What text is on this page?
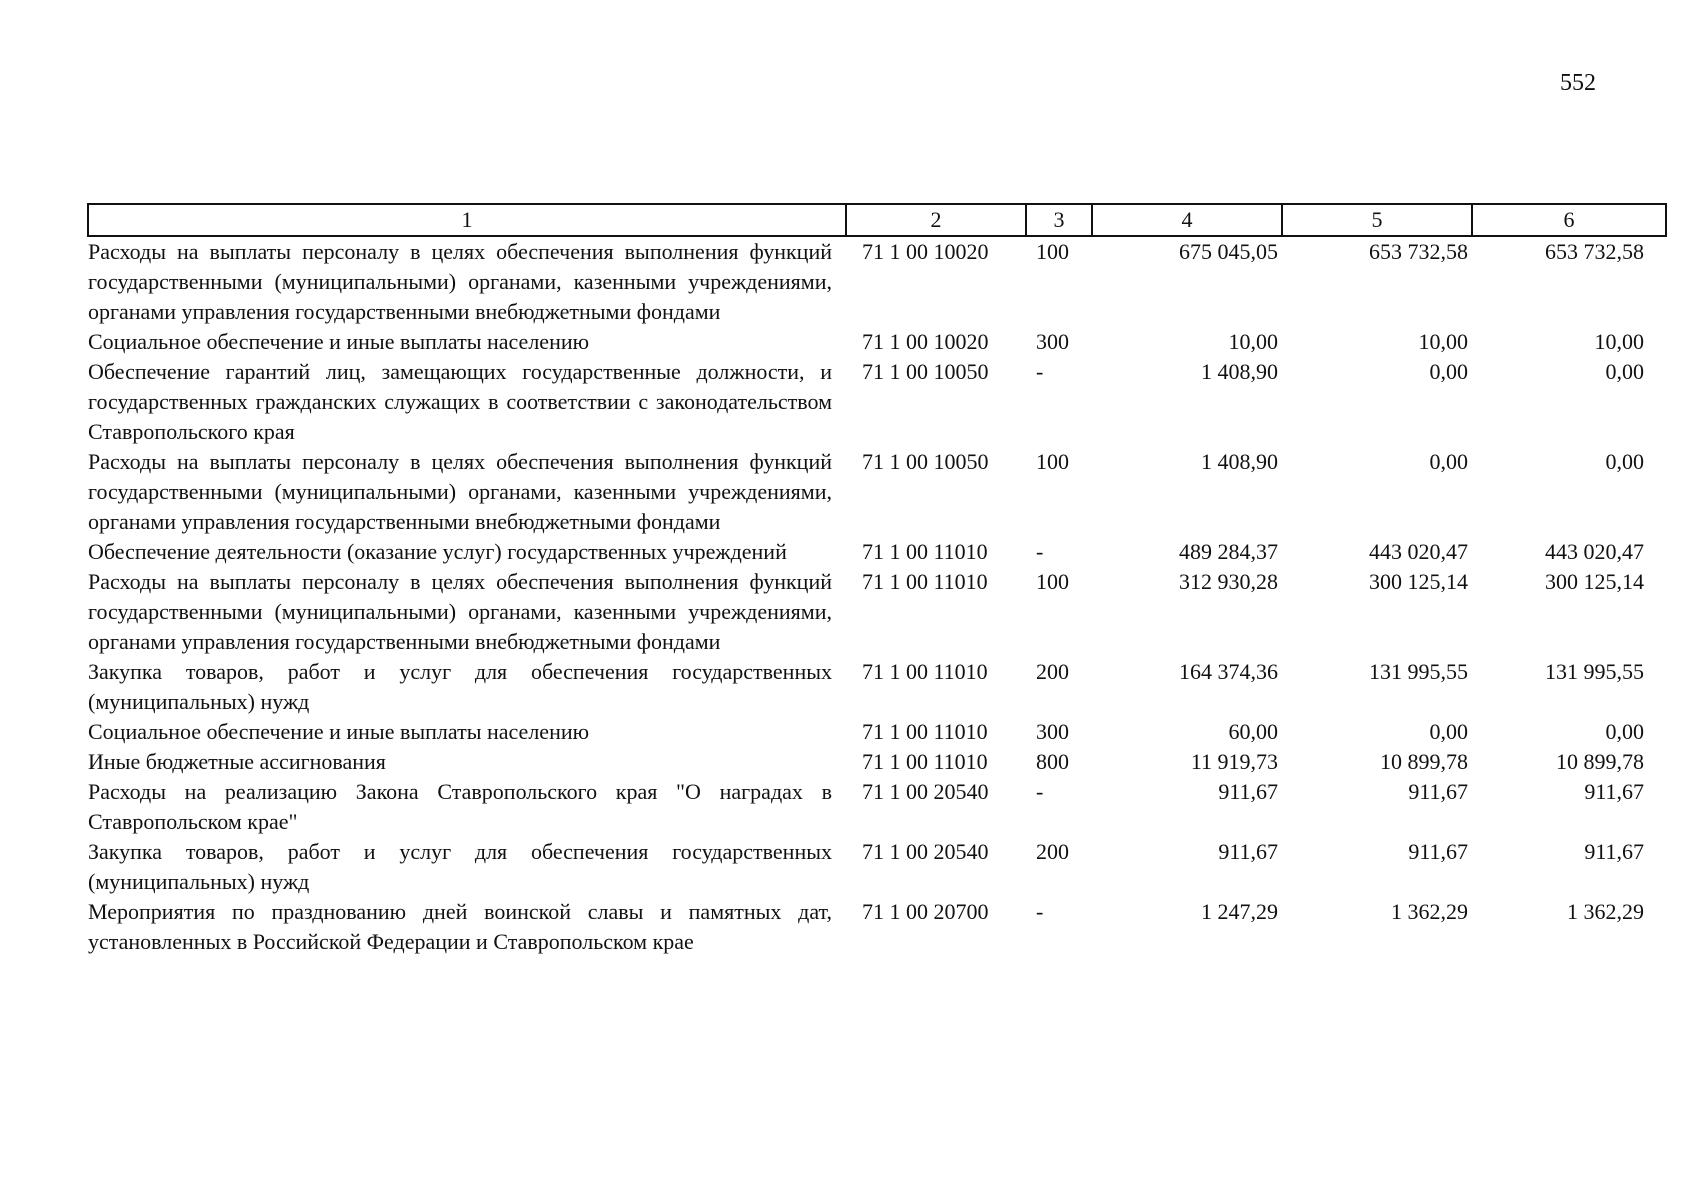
552
1	2	3	4	5	6
Расходы на выплаты персоналу в целях обеспечения выполнения функций государственными (муниципальными) органами, казенными учреждениями, органами управления государственными внебюджетными фондами	71 1 00 10020	100	675 045,05	653 732,58	653 732,58
Социальное обеспечение и иные выплаты населению	71 1 00 10020	300	10,00	10,00	10,00
Обеспечение гарантий лиц, замещающих государственные должности, и государственных гражданских служащих в соответствии с законодательством Ставропольского края	71 1 00 10050	-	1 408,90	0,00	0,00
Расходы на выплаты персоналу в целях обеспечения выполнения функций государственными (муниципальными) органами, казенными учреждениями, органами управления государственными внебюджетными фондами	71 1 00 10050	100	1 408,90	0,00	0,00
Обеспечение деятельности (оказание услуг) государственных учреждений	71 1 00 11010	-	489 284,37	443 020,47	443 020,47
Расходы на выплаты персоналу в целях обеспечения выполнения функций государственными (муниципальными) органами, казенными учреждениями, органами управления государственными внебюджетными фондами	71 1 00 11010	100	312 930,28	300 125,14	300 125,14
Закупка товаров, работ и услуг для обеспечения государственных (муниципальных) нужд	71 1 00 11010	200	164 374,36	131 995,55	131 995,55
Социальное обеспечение и иные выплаты населению	71 1 00 11010	300	60,00	0,00	0,00
Иные бюджетные ассигнования	71 1 00 11010	800	11 919,73	10 899,78	10 899,78
Расходы на реализацию Закона Ставропольского края "О наградах в Ставропольском крае"	71 1 00 20540	-	911,67	911,67	911,67
Закупка товаров, работ и услуг для обеспечения государственных (муниципальных) нужд	71 1 00 20540	200	911,67	911,67	911,67
Мероприятия по празднованию дней воинской славы и памятных дат, установленных в Российской Федерации и Ставропольском крае	71 1 00 20700	-	1 247,29	1 362,29	1 362,29
